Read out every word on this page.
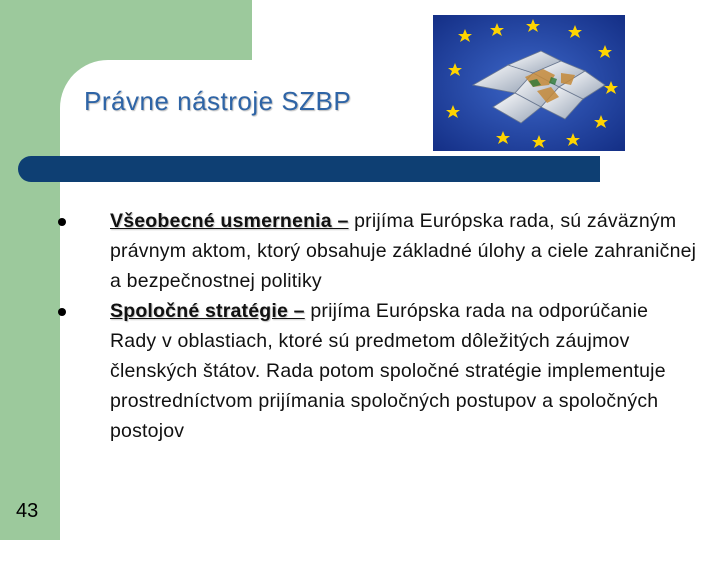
Právne nástroje SZBP
Všeobecné usmernenia – prijíma Európska rada, sú záväzným právnym aktom, ktorý obsahuje základné úlohy a ciele zahraničnej a bezpečnostnej politiky
Spoločné stratégie – prijíma Európska rada na odporúčanie Rady v oblastiach, ktoré sú predmetom dôležitých záujmov členských štátov. Rada potom spoločné stratégie implementuje prostredníctvom prijímania spoločných postupov a spoločných postojov
43
